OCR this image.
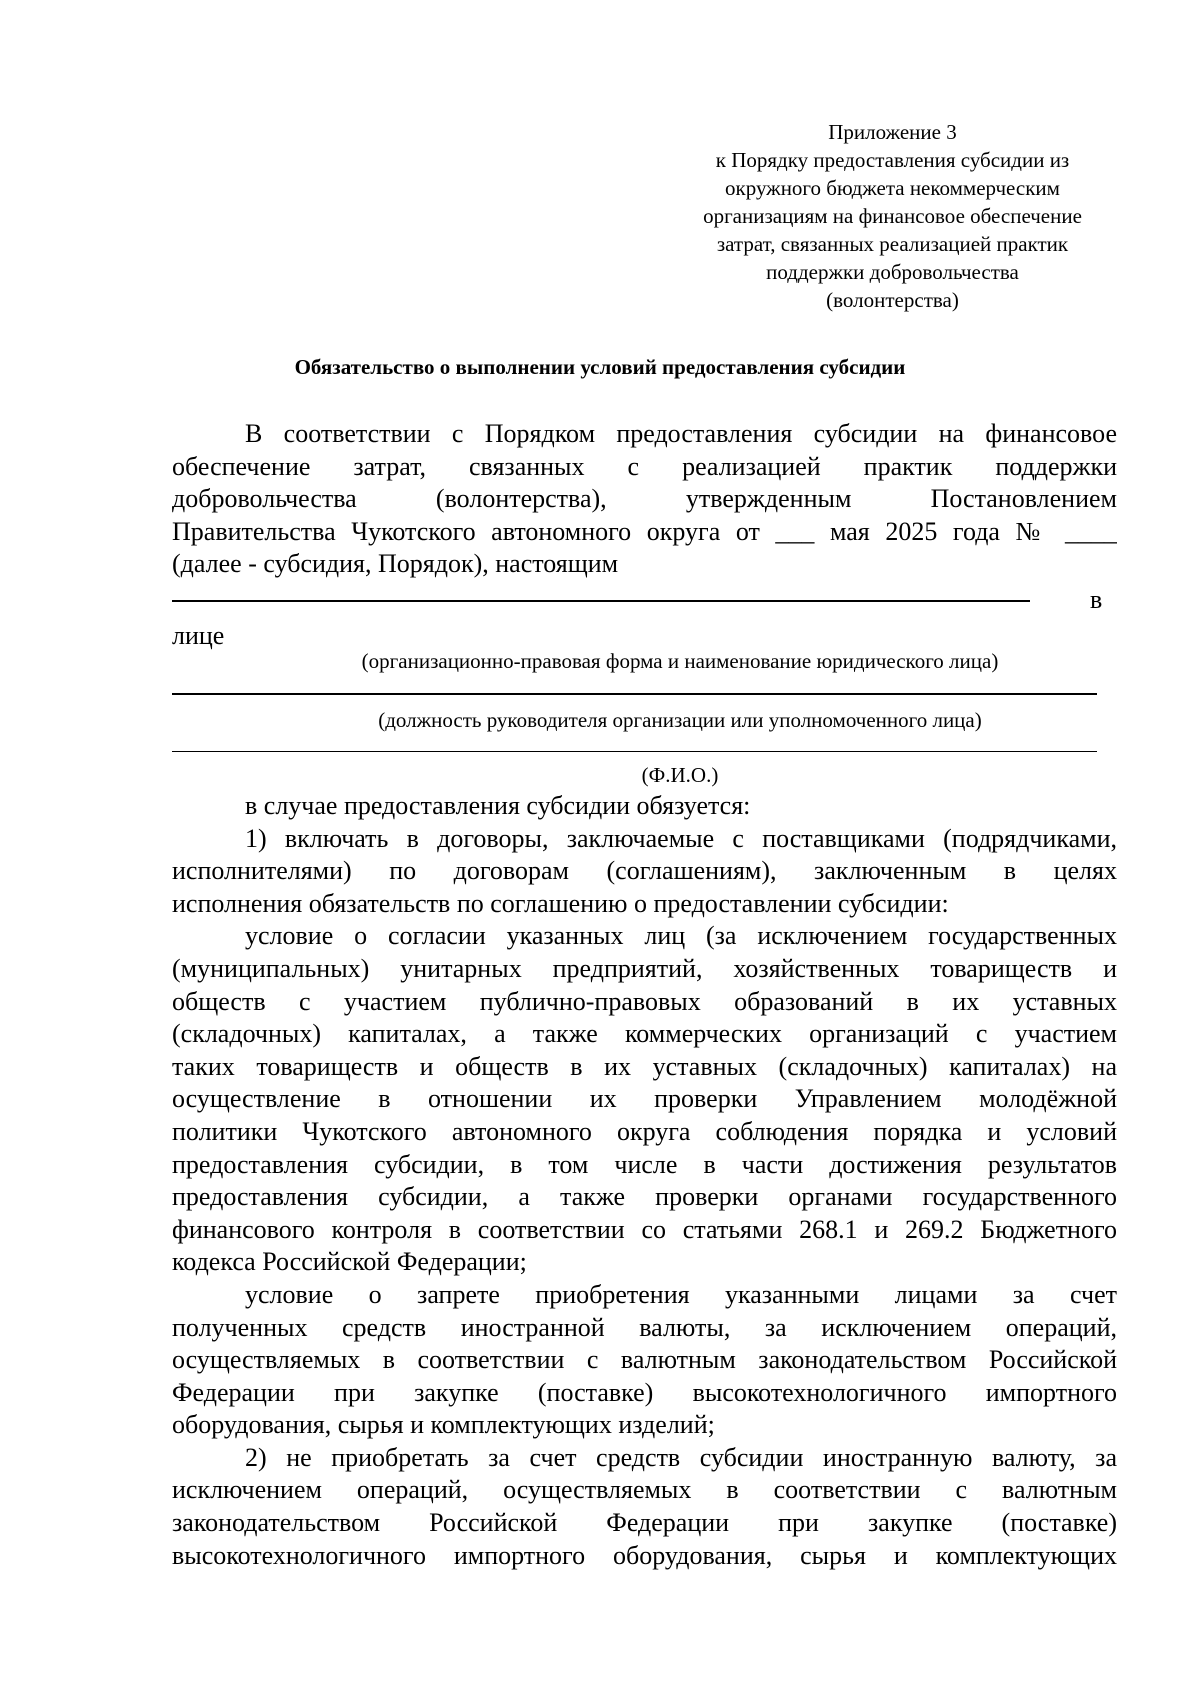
Приложение 3
к Порядку предоставления субсидии из
окружного бюджета некоммерческим
организациям на финансовое обеспечение
затрат, связанных реализацией практик
поддержки добровольчества
(волонтерства)
Обязательство о выполнении условий предоставления субсидии
В соответствии с Порядком предоставления субсидии на финансовое
обеспечение затрат, связанных с реализацией практик поддержки
добровольчества (волонтерства), утвержденным Постановлением
Правительства Чукотского автономного округа от ___ мая 2025 года № ____
(далее - субсидия, Порядок), настоящим
в
лице
(организационно-правовая форма и наименование юридического лица)
(должность руководителя организации или уполномоченного лица)
(Ф.И.О.)
в случае предоставления субсидии обязуется:
1) включать в договоры, заключаемые с поставщиками (подрядчиками,
исполнителями) по договорам (соглашениям), заключенным в целях
исполнения обязательств по соглашению о предоставлении субсидии:
условие о согласии указанных лиц (за исключением государственных
(муниципальных) унитарных предприятий, хозяйственных товариществ и
обществ с участием публично-правовых образований в их уставных
(складочных) капиталах, а также коммерческих организаций с участием
таких товариществ и обществ в их уставных (складочных) капиталах) на
осуществление в отношении их проверки Управлением молодёжной
политики Чукотского автономного округа соблюдения порядка и условий
предоставления субсидии, в том числе в части достижения результатов
предоставления субсидии, а также проверки органами государственного
финансового контроля в соответствии со статьями 268.1 и 269.2 Бюджетного
кодекса Российской Федерации;
условие о запрете приобретения указанными лицами за счет
полученных средств иностранной валюты, за исключением операций,
осуществляемых в соответствии с валютным законодательством Российской
Федерации при закупке (поставке) высокотехнологичного импортного
оборудования, сырья и комплектующих изделий;
2) не приобретать за счет средств субсидии иностранную валюту, за
исключением операций, осуществляемых в соответствии с валютным
законодательством Российской Федерации при закупке (поставке)
высокотехнологичного импортного оборудования, сырья и комплектующих
